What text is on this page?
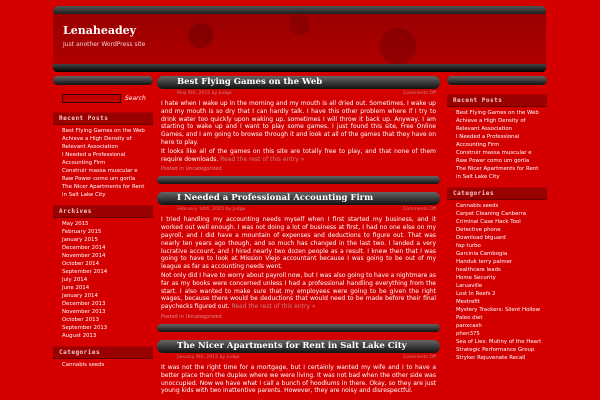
Lenaheadey
Just another WordPress site
Search
Recent Posts
Best Flying Games on the Web
Achieve a High Density of Relevant Association
I Needed a Professional Accounting Firm
Construir massa muscular e Raw Power como um gorila
The Nicer Apartments for Rent in Salt Lake City
Archives
May 2015
February 2015
January 2015
December 2014
November 2014
October 2014
September 2014
July 2014
June 2014
January 2014
December 2013
November 2013
October 2013
September 2013
August 2013
Categories
Cannabis seeds
Best Flying Games on the Web
May 6th, 2015 by Judge	Comments Off

I hate when I wake up in the morning and my mouth is all dried out. Sometimes, I wake up and my mouth is so dry that I can hardly talk. I have this other problem where if I try to drink water too quickly upon waking up, sometimes I will throw it back up. Anyway, I am starting to wake up and I want to play some games. I just found this site, Free Online Games, and I am going to browse through it and look at all of the games that they have on here to play.

It looks like all of the games on this site are totally free to play, and that none of them require downloads. Read the rest of this entry »

Posted in Uncategorized
I Needed a Professional Accounting Firm
February 14th, 2015 by Judge	Comments Off

I tried handling my accounting needs myself when I first started my business, and it worked out well enough. I was not doing a lot of business at first, I had no one else on my payroll, and I did have a mountain of expenses and deductions to figure out. That was nearly ten years ago though, and so much has changed in the last two. I landed a very lucrative account, and I hired nearly two dozen people as a result. I knew then that I was going to have to look at Mission Viejo accountant because I was going to be out of my league as far as accounting needs went.

Not only did I have to worry about payroll now, but I was also going to have a nightmare as far as my books were concerned unless I had a professional handling everything from the start. I also wanted to make sure that my employees were going to be given the right wages, because there would be deductions that would need to be made before their final paychecks figured out. Read the rest of this entry »

Posted in Uncategorized
The Nicer Apartments for Rent in Salt Lake City
January 9th, 2015 by Judge	Comments Off

It was not the right time for a mortgage, but I certainly wanted my wife and I to have a better place than the duplex where we were living. It was not bad when the other side was unoccupied. Now we have what I call a bunch of hoodlums in there. Okay, so they are just young kids with two inattentive parents. However, they are noisy and disrespectful.

Recent Posts
Best Flying Games on the Web
Achieve a High Density of Relevant Association
I Needed a Professional Accounting Firm
Construir massa muscular e Raw Power como um gorila
The Nicer Apartments for Rent in Salt Lake City
Categories
Cannabis seeds
Carpet Cleaning Canberra
Criminal Case Hack Tool
Detective phone
Download btguard
fap turbo
Garcinia Cambogia
Handuk terry palmer
healthcare leads
Home Security
Laruaville
Lost In Reefs 2
Mestrefit
Mystery Trackers: Silent Hollow
Paleo diet
panxcash
phen375
Sea of Lies: Mutiny of the Heart
Strategic Performance Group
Stryker Rejuvenate Recall
